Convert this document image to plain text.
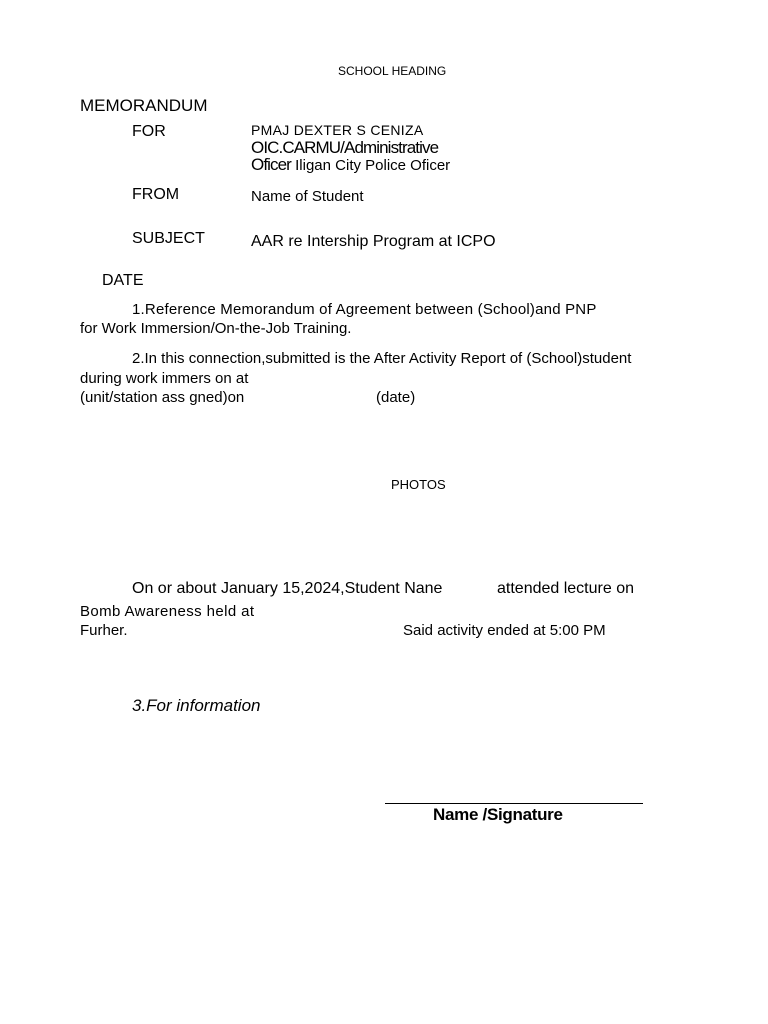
SCHOOL HEADING
MEMORANDUM
FOR	PMAJ DEXTER S CENIZA
OIC.CARMU/Administrative
Oficer Iligan City Police Oficer
FROM	Name of Student
SUBJECT	AAR re Intership Program at ICPO
DATE
1.Reference Memorandum of Agreement between (School)and PNP
for Work Immersion/On-the-Job Training.
2.In this connection,submitted is the After Activity Report of (School)student
during work immers on at
(unit/station ass gned)on	(date)
PHOTOS
On or about January 15,2024,Student Nane	attended lecture on
Bomb Awareness held at
Furher.	Said activity ended at 5:00 PM
3.For information
Name /Signature
